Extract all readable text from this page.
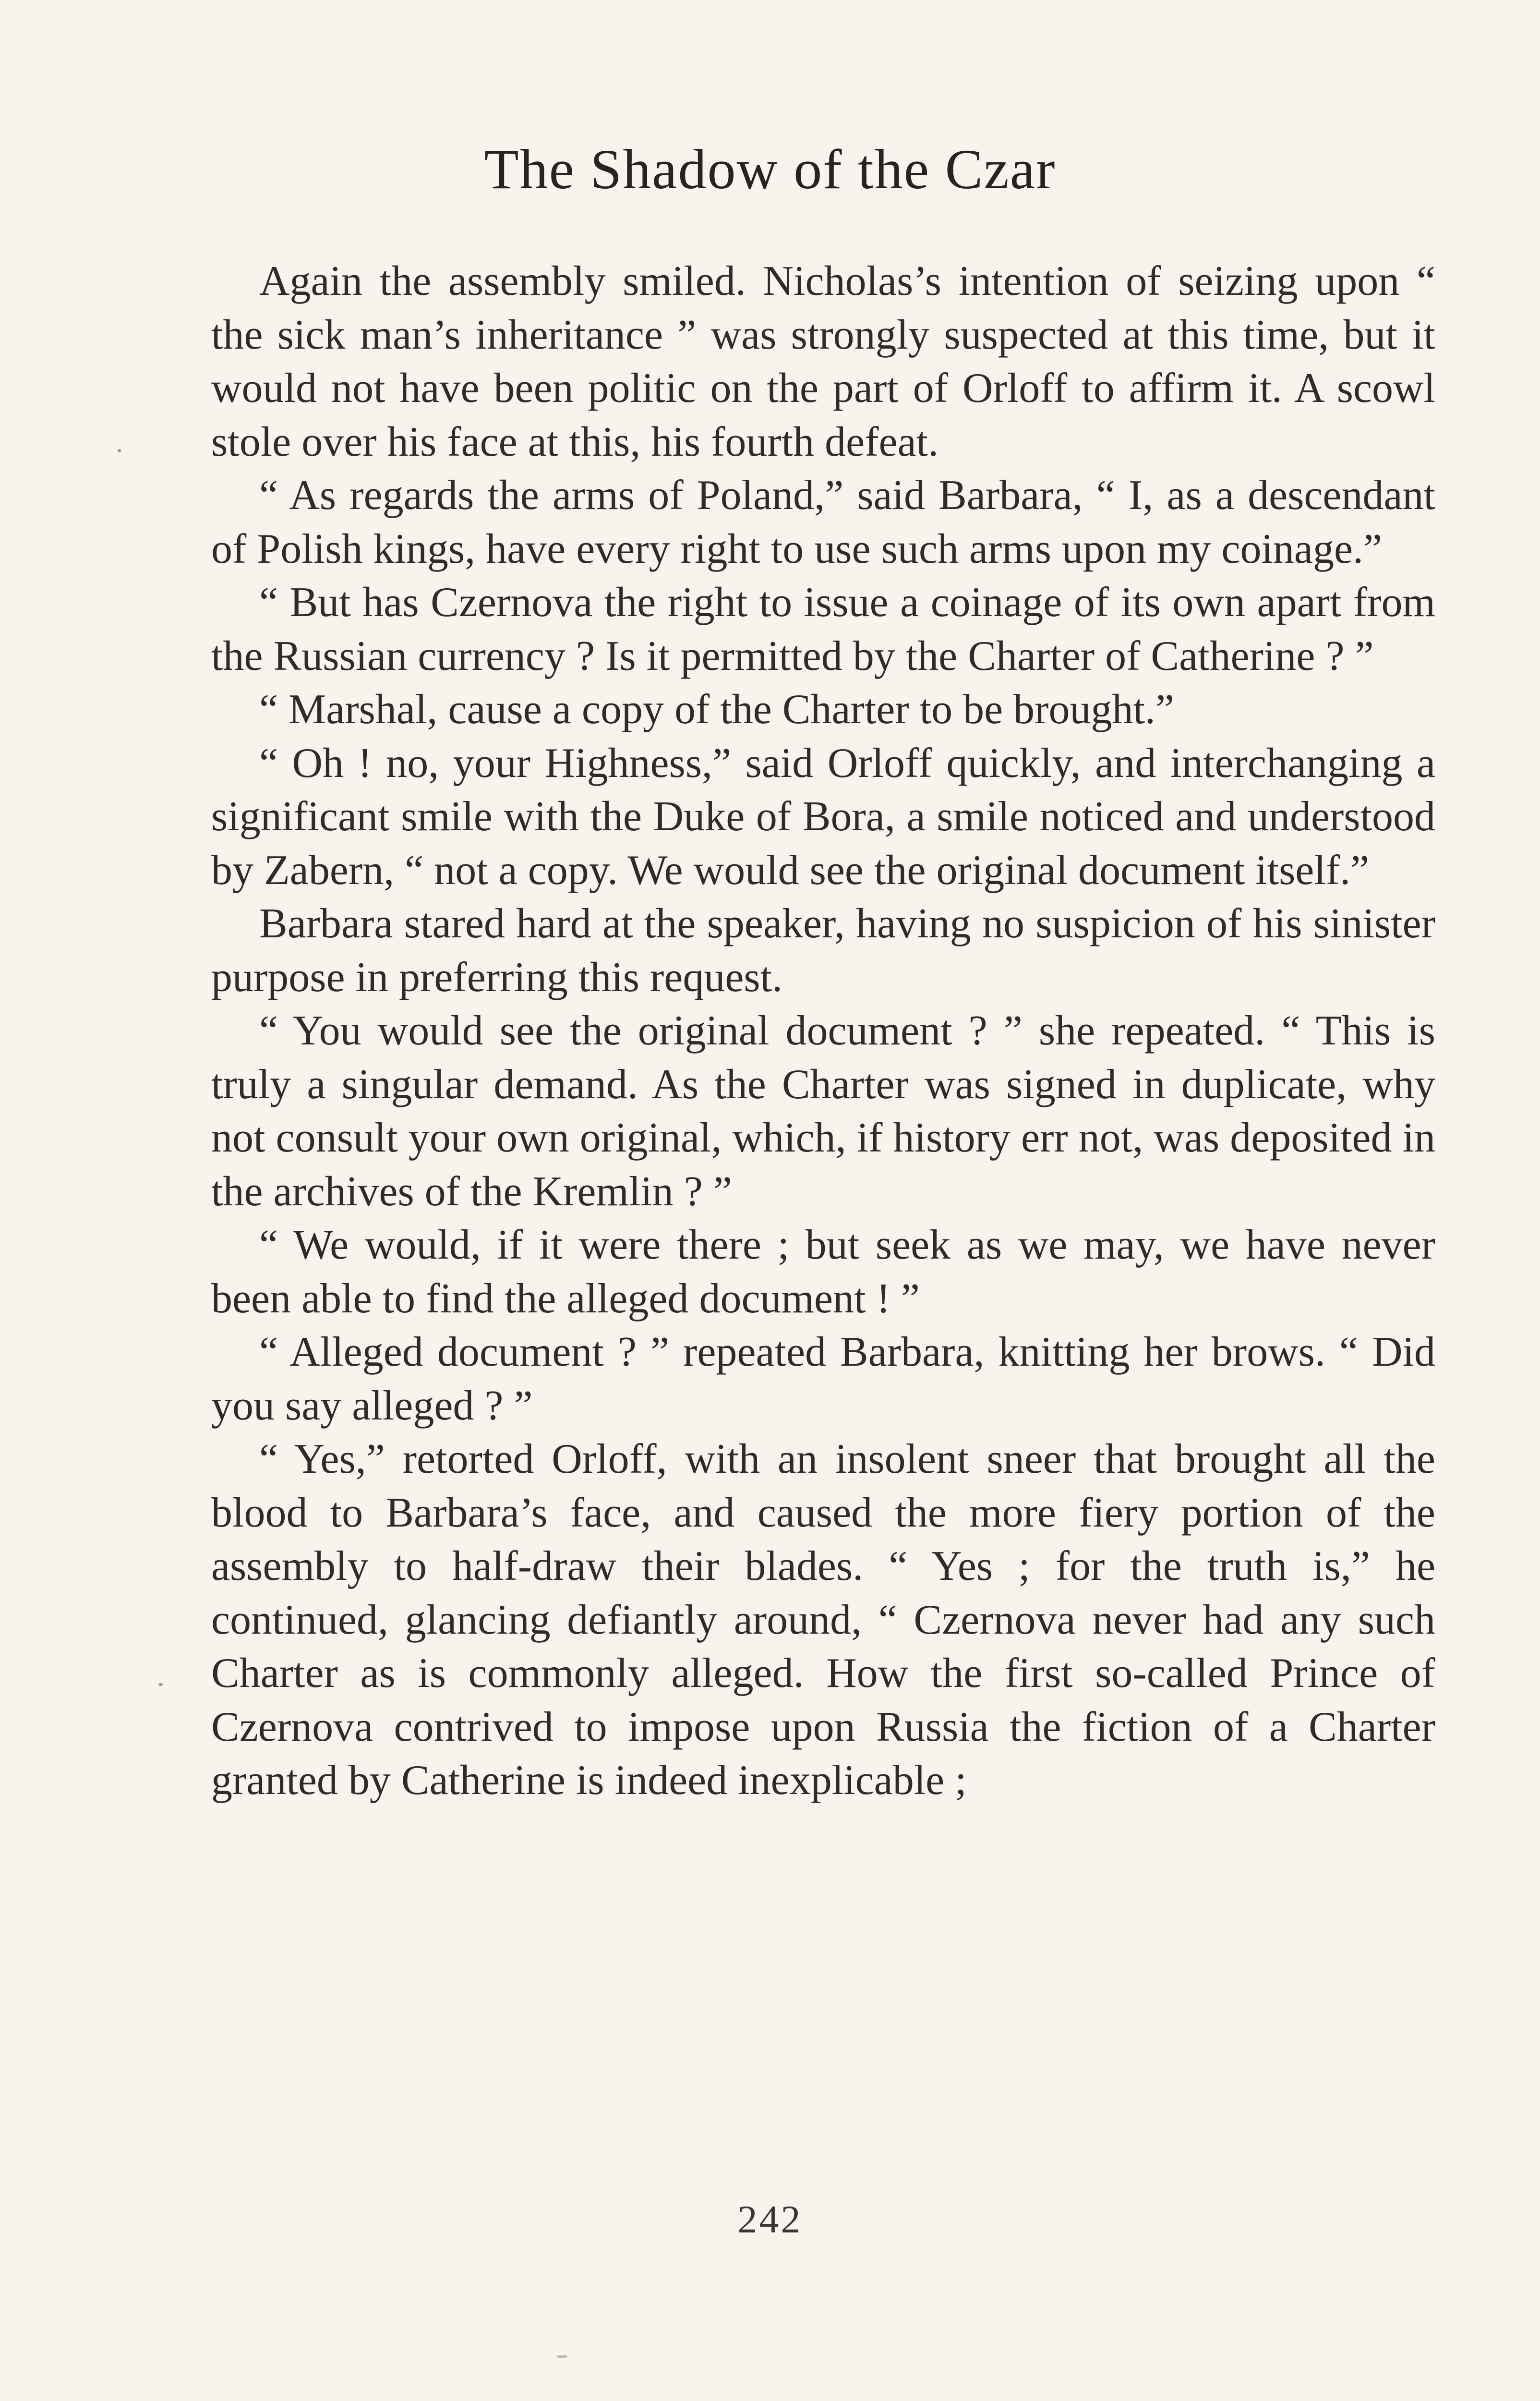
The Shadow of the Czar

Again the assembly smiled. Nicholas’s intention of seizing upon “ the sick man’s inheritance ” was strongly suspected at this time, but it would not have been politic on the part of Orloff to affirm it. A scowl stole over his face at this, his fourth defeat.

“ As regards the arms of Poland,” said Barbara, “ I, as a descendant of Polish kings, have every right to use such arms upon my coinage.”

“ But has Czernova the right to issue a coinage of its own apart from the Russian currency ? Is it permitted by the Charter of Catherine ? ”

“ Marshal, cause a copy of the Charter to be brought.”

“ Oh ! no, your Highness,” said Orloff quickly, and interchanging a significant smile with the Duke of Bora, a smile noticed and understood by Zabern, “ not a copy. We would see the original document itself.”

Barbara stared hard at the speaker, having no suspicion of his sinister purpose in preferring this request.

“ You would see the original document ? ” she repeated. “ This is truly a singular demand. As the Charter was signed in duplicate, why not consult your own original, which, if history err not, was deposited in the archives of the Kremlin ? ”

“ We would, if it were there ; but seek as we may, we have never been able to find the alleged document ! ”

“ Alleged document ? ” repeated Barbara, knitting her brows. “ Did you say alleged ? ”

“ Yes,” retorted Orloff, with an insolent sneer that brought all the blood to Barbara’s face, and caused the more fiery portion of the assembly to half-draw their blades. “ Yes ; for the truth is,” he continued, glancing defiantly around, “ Czernova never had any such Charter as is commonly alleged. How the first so-called Prince of Czernova contrived to impose upon Russia the fiction of a Charter granted by Catherine is indeed inexplicable ;

242
